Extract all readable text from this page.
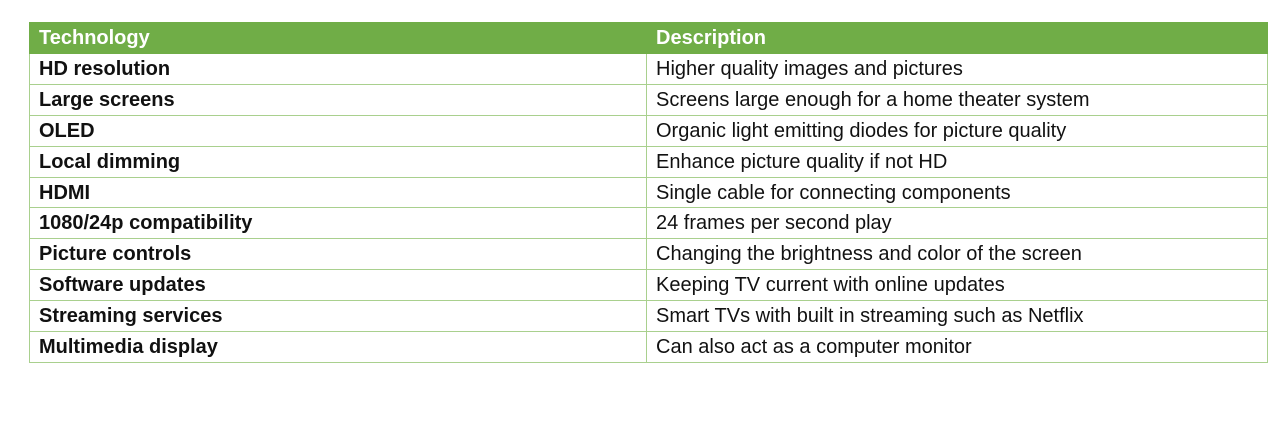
Technology	Description
HD resolution	Higher quality images and pictures
Large screens	Screens large enough for a home theater system
OLED	Organic light emitting diodes for picture quality
Local dimming	Enhance picture quality if not HD
HDMI	Single cable for connecting components
1080/24p compatibility	24 frames per second play
Picture controls	Changing the brightness and color of the screen
Software updates	Keeping TV current with online updates
Streaming services	Smart TVs with built in streaming such as Netflix
Multimedia display	Can also act as a computer monitor
